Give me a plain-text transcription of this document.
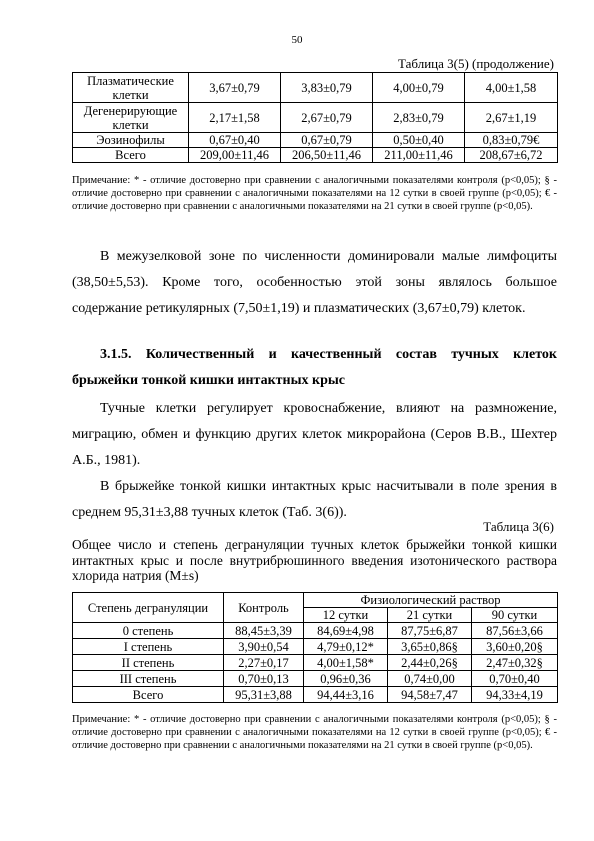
50
Таблица 3(5) (продолжение)
Плазматические клетки	3,67±0,79	3,83±0,79	4,00±0,79	4,00±1,58
Дегенерирующие клетки	2,17±1,58	2,67±0,79	2,83±0,79	2,67±1,19
Эозинофилы	0,67±0,40	0,67±0,79	0,50±0,40	0,83±0,79€
Всего	209,00±11,46	206,50±11,46	211,00±11,46	208,67±6,72
Примечание: * - отличие достоверно при сравнении с аналогичными показателями контроля (р<0,05); § - отличие достоверно при сравнении с аналогичными показателями на 12 сутки в своей группе (р<0,05); € - отличие достоверно при сравнении с аналогичными показателями на 21 сутки в своей группе (р<0,05).

В межузелковой зоне по численности доминировали малые лимфоциты (38,50±5,53). Кроме того, особенностью этой зоны являлось большое содержание ретикулярных (7,50±1,19) и плазматических (3,67±0,79) клеток.

3.1.5. Количественный и качественный состав тучных клеток брыжейки тонкой кишки интактных крыс

Тучные клетки регулирует кровоснабжение, влияют на размножение, миграцию, обмен и функцию других клеток микрорайона (Серов В.В., Шехтер А.Б., 1981).

В брыжейке тонкой кишки интактных крыс насчитывали в поле зрения в среднем 95,31±3,88 тучных клеток (Таб. 3(6)).

Таблица 3(6)
Общее число и степень дегрануляции тучных клеток брыжейки тонкой кишки интактных крыс и после внутрибрюшинного введения изотонического раствора хлорида натрия (M±s)
Степень дегрануляции	Контроль	Физиологический раствор		
		12 сутки	21 сутки	90 сутки
0 степень	88,45±3,39	84,69±4,98	87,75±6,87	87,56±3,66
I степень	3,90±0,54	4,79±0,12*	3,65±0,86§	3,60±0,20§
II степень	2,27±0,17	4,00±1,58*	2,44±0,26§	2,47±0,32§
III степень	0,70±0,13	0,96±0,36	0,74±0,00	0,70±0,40
Всего	95,31±3,88	94,44±3,16	94,58±7,47	94,33±4,19
Примечание: * - отличие достоверно при сравнении с аналогичными показателями контроля (р<0,05); § - отличие достоверно при сравнении с аналогичными показателями на 12 сутки в своей группе (р<0,05); € - отличие достоверно при сравнении с аналогичными показателями на 21 сутки в своей группе (р<0,05).
